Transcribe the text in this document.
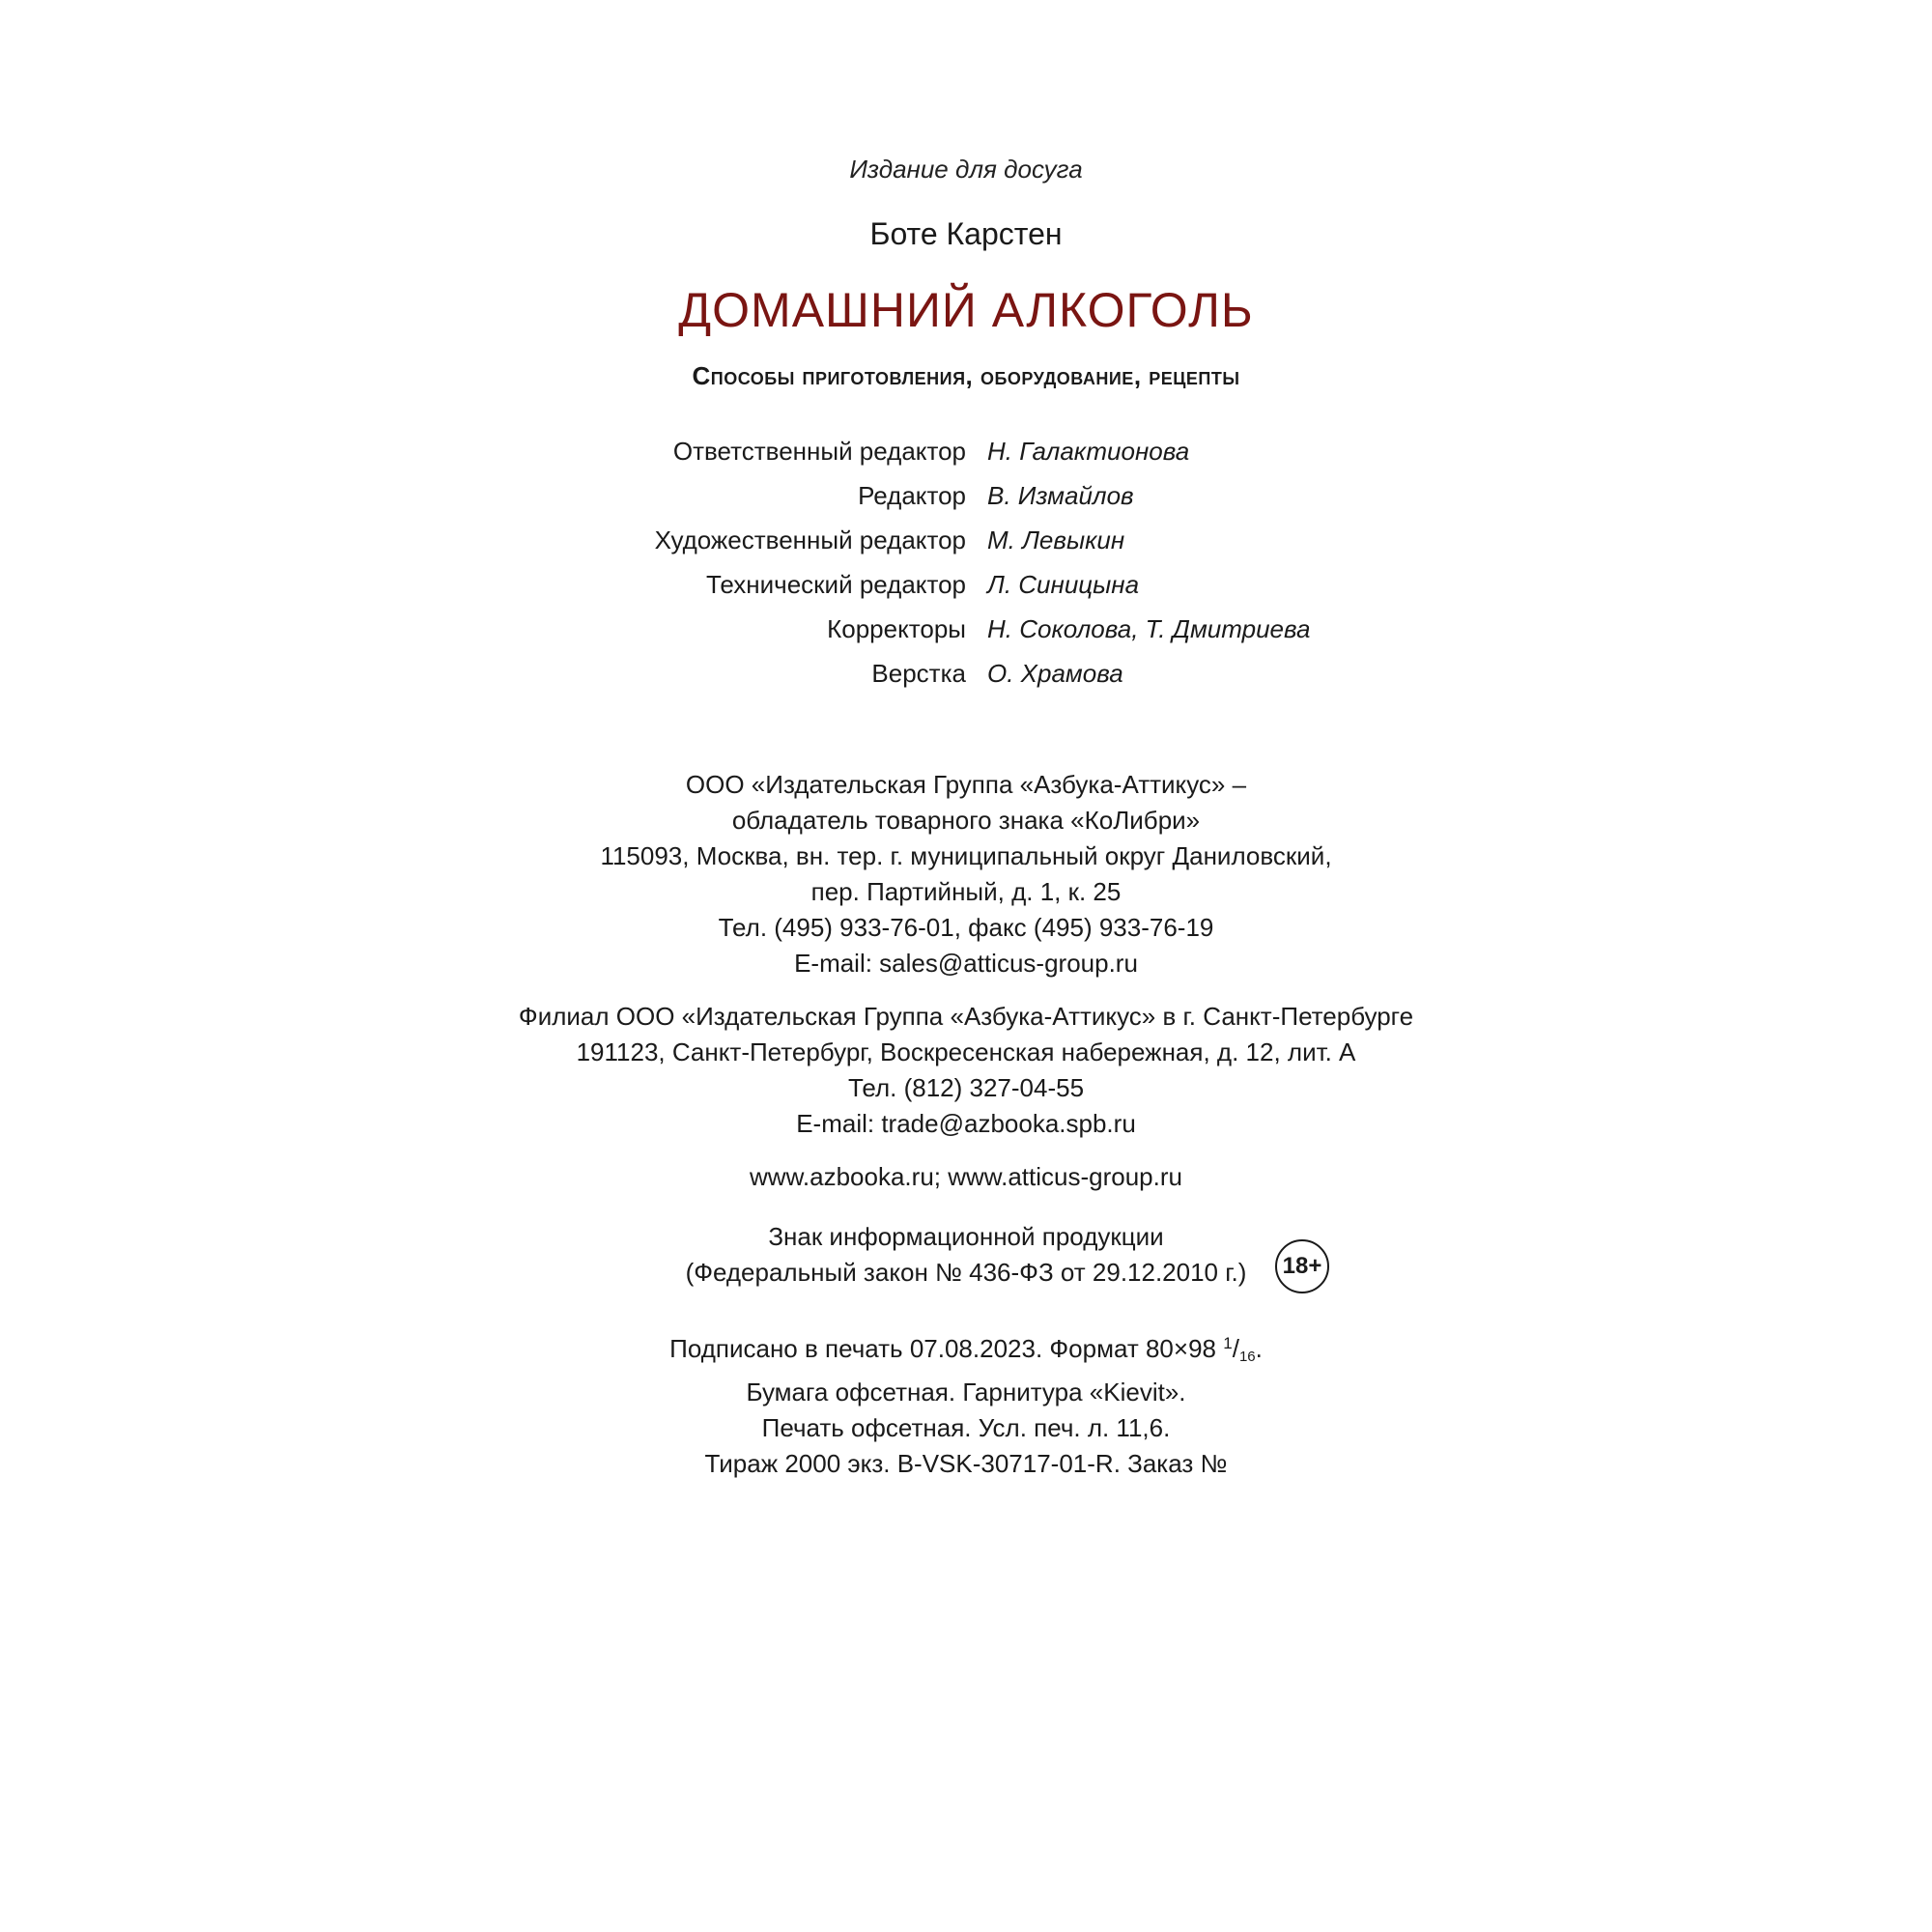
Издание для досуга
Боте Карстен
ДОМАШНИЙ АЛКОГОЛЬ
Способы приготовления, оборудование, рецепты
Ответственный редактор Н. Галактионова
Редактор В. Измайлов
Художественный редактор М. Левыкин
Технический редактор Л. Синицына
Корректоры Н. Соколова, Т. Дмитриева
Верстка О. Храмова
ООО «Издательская Группа «Азбука-Аттикус» –
обладатель товарного знака «КоЛибри»
115093, Москва, вн. тер. г. муниципальный округ Даниловский,
пер. Партийный, д. 1, к. 25
Тел. (495) 933-76-01, факс (495) 933-76-19
E-mail: sales@atticus-group.ru
Филиал ООО «Издательская Группа «Азбука-Аттикус» в г. Санкт-Петербурге
191123, Санкт-Петербург, Воскресенская набережная, д. 12, лит. А
Тел. (812) 327-04-55
E-mail: trade@azbooka.spb.ru
www.azbooka.ru; www.atticus-group.ru
Знак информационной продукции
(Федеральный закон № 436-ФЗ от 29.12.2010 г.)	18+
Подписано в печать 07.08.2023. Формат 80×98 $^1$/16.
Бумага офсетная. Гарнитура «Kievit».
Печать офсетная. Усл. печ. л. 11,6.
Тираж 2000 экз. B-VSK-30717-01-R. Заказ №
